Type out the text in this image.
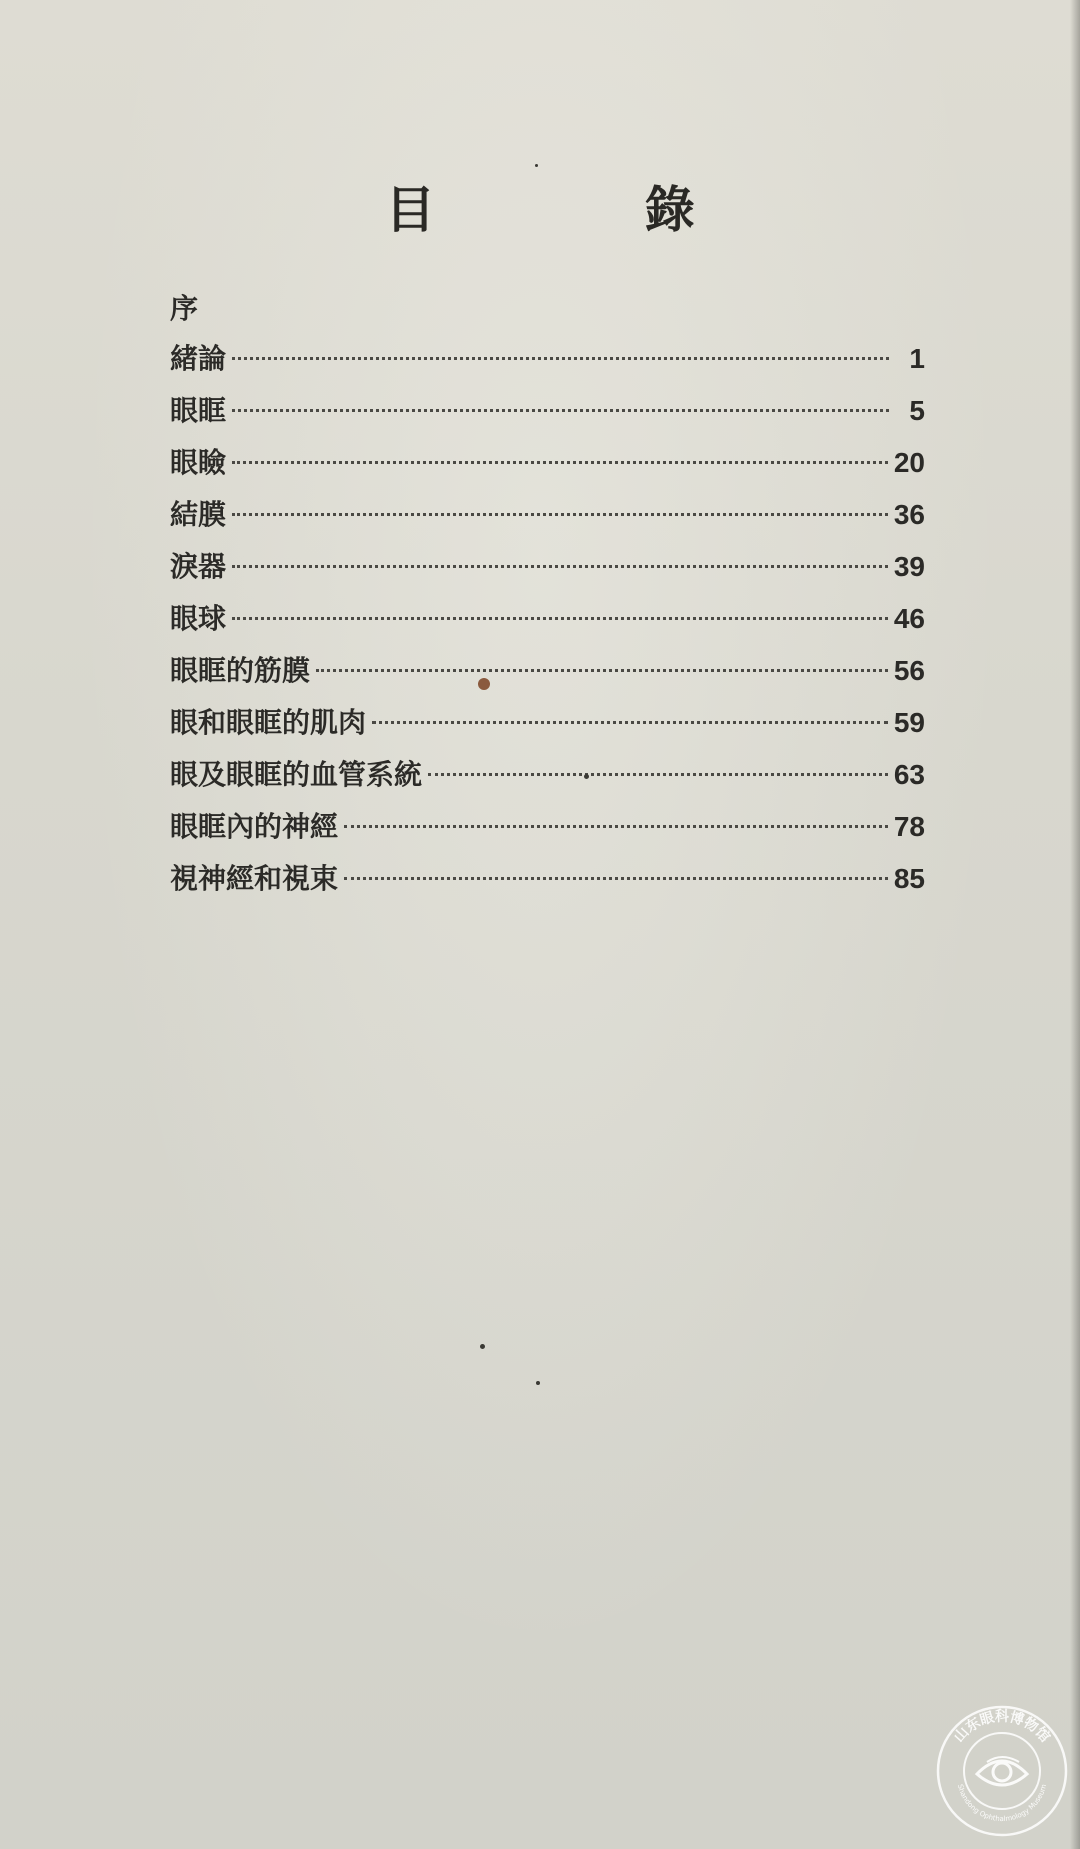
目 錄
序
緒論	1
眼眶	5
眼瞼	20
結膜	36
淚器	39
眼球	46
眼眶的筋膜	56
眼和眼眶的肌肉	59
眼及眼眶的血管系統	63
眼眶內的神經	78
視神經和視束	85
山东眼科博物馆
Shandong Ophthalmology Museum
